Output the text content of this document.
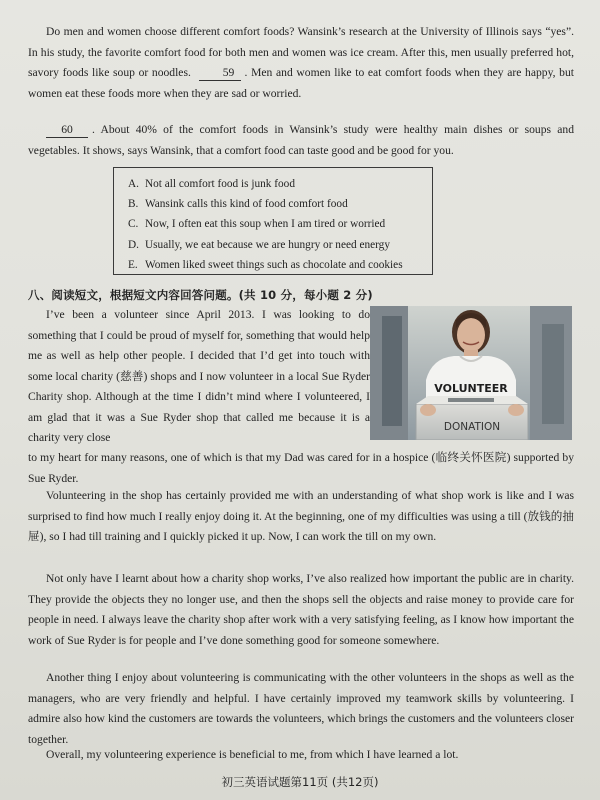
Do men and women choose different comfort foods? Wansink’s research at the University of Illinois says “yes”. In his study, the favorite comfort food for both men and women was ice cream. After this, men usually preferred hot, savory foods like soup or noodles.	59 . Men and women like to eat comfort foods when they are happy, but women eat these foods more when they are sad or worried.

60 . About 40% of the comfort foods in Wansink’s study were healthy main dishes or soups and vegetables. It shows, says Wansink, that a comfort food can taste good and be good for you.

A. Not all comfort food is junk food
B. Wansink calls this kind of food comfort food
C. Now, I often eat this soup when I am tired or worried
D. Usually, we eat because we are hungry or need energy
E. Women liked sweet things such as chocolate and cookies
八、阅读短文，根据短文内容回答问题。(共 10 分，每小题 2 分)

I’ve been a volunteer since April 2013. I was looking to do something that I could be proud of myself for, something that would help me as well as help other people. I decided that I’d get into touch with some local charity (慈善) shops and I now volunteer in a local Sue Ryder Charity shop. Although at the time I didn’t mind where I volunteered, I am glad that it was a Sue Ryder shop that called me because it is a charity very close

VOLUNTEER
DONATION

to my heart for many reasons, one of which is that my Dad was cared for in a hospice (临终关怀医院) supported by Sue Ryder.

Volunteering in the shop has certainly provided me with an understanding of what shop work is like and I was surprised to find how much I really enjoy doing it. At the beginning, one of my difficulties was using a till (放钱的抽屉), so I had till training and I quickly picked it up. Now, I can work the till on my own.

Not only have I learnt about how a charity shop works, I’ve also realized how important the public are in charity. They provide the objects they no longer use, and then the shops sell the objects and raise money to provide care for people in need. I always leave the charity shop after work with a very satisfying feeling, as I know how important the work of Sue Ryder is for people and I’ve done something good for someone somewhere.

Another thing I enjoy about volunteering is communicating with the other volunteers in the shops as well as the managers, who are very friendly and helpful. I have certainly improved my teamwork skills by volunteering. I admire also how kind the customers are towards the volunteers, which brings the customers and the volunteers closer together.

Overall, my volunteering experience is beneficial to me, from which I have learned a lot.

初三英语试题第11页 (共12页)
